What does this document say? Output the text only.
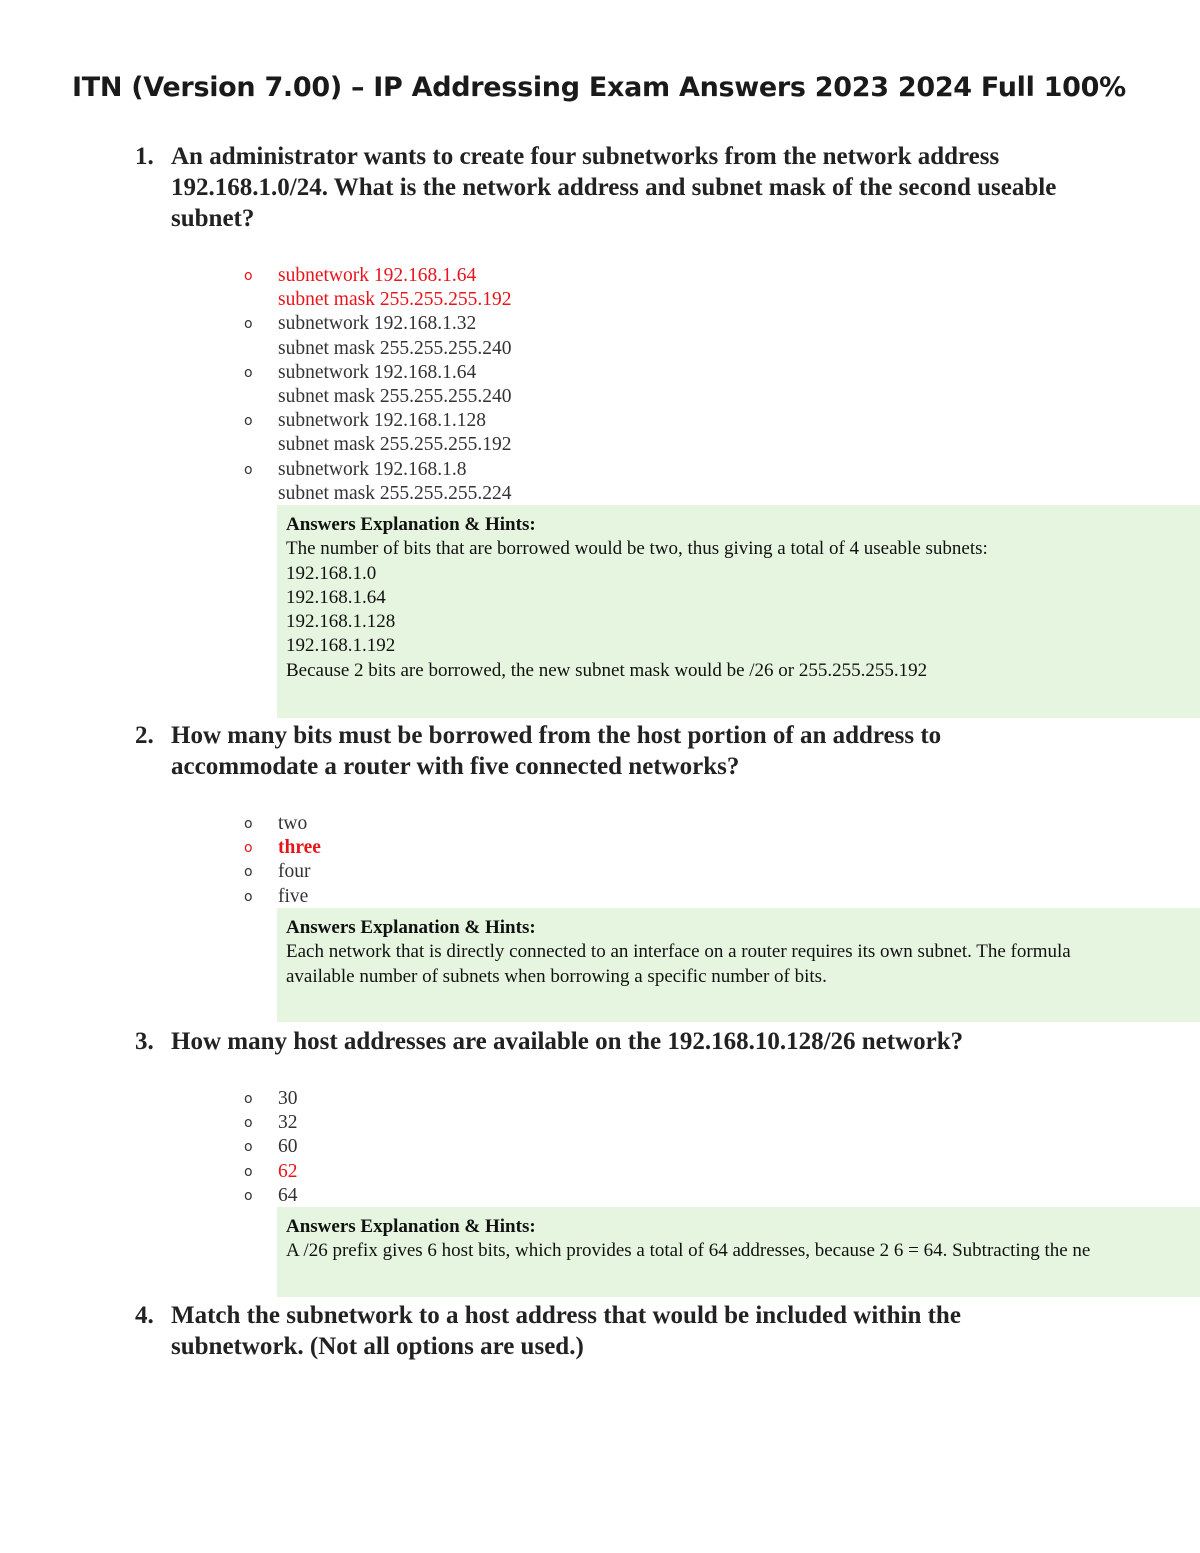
ITN (Version 7.00) – IP Addressing Exam Answers 2023 2024 Full 100%
1. An administrator wants to create four subnetworks from the network address 192.168.1.0/24. What is the network address and subnet mask of the second useable subnet?
o subnetwork 192.168.1.64
subnet mask 255.255.255.192
o subnetwork 192.168.1.32
subnet mask 255.255.255.240
o subnetwork 192.168.1.64
subnet mask 255.255.255.240
o subnetwork 192.168.1.128
subnet mask 255.255.255.192
o subnetwork 192.168.1.8
subnet mask 255.255.255.224
Answers Explanation & Hints:
The number of bits that are borrowed would be two, thus giving a total of 4 useable subnets:
192.168.1.0
192.168.1.64
192.168.1.128
192.168.1.192
Because 2 bits are borrowed, the new subnet mask would be /26 or 255.255.255.192
2. How many bits must be borrowed from the host portion of an address to accommodate a router with five connected networks?
o two
o three
o four
o five
Answers Explanation & Hints:
Each network that is directly connected to an interface on a router requires its own subnet. The formula
available number of subnets when borrowing a specific number of bits.
3. How many host addresses are available on the 192.168.10.128/26 network?
o 30
o 32
o 60
o 62
o 64
Answers Explanation & Hints:
A /26 prefix gives 6 host bits, which provides a total of 64 addresses, because 2 6 = 64. Subtracting the ne
4. Match the subnetwork to a host address that would be included within the subnetwork. (Not all options are used.)
